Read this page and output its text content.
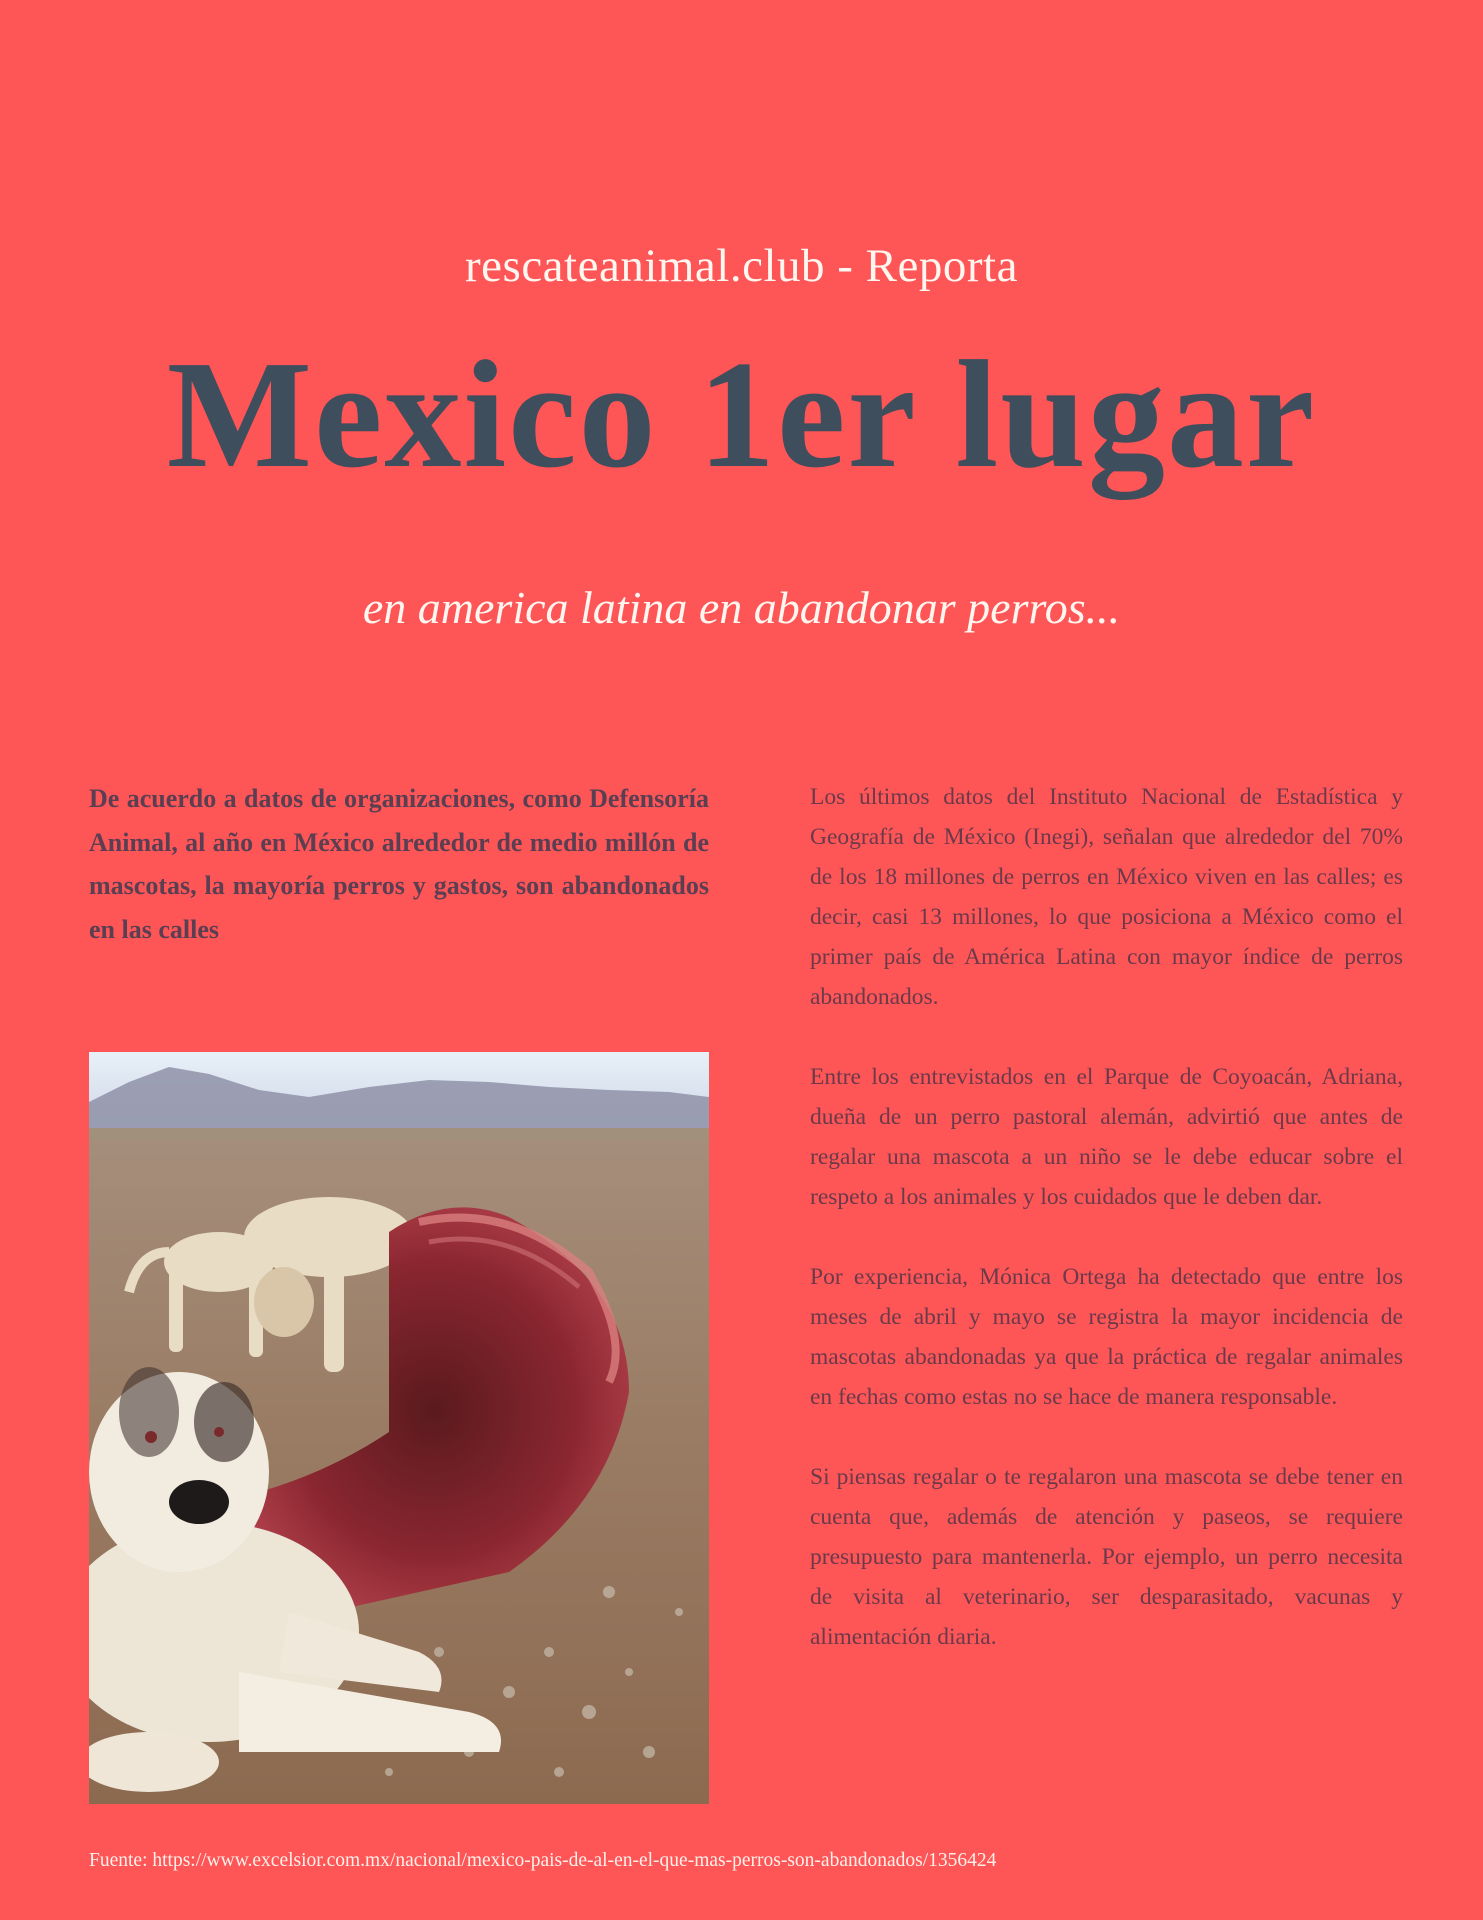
rescateanimal.club - Reporta
Mexico 1er lugar
en america latina en abandonar perros...

De acuerdo a datos de organizaciones, como Defensoría Animal, al año en México alrededor de medio millón de mascotas, la mayoría perros y gastos, son abandonados en las calles

Los últimos datos del Instituto Nacional de Estadística y Geografía de México (Inegi), señalan que alrededor del 70% de los 18 millones de perros en México viven en las calles; es decir, casi 13 millones, lo que posiciona a México como el primer país de América Latina con mayor índice de perros abandonados.

Entre los entrevistados en el Parque de Coyoacán, Adriana, dueña de un perro pastoral alemán, advirtió que antes de regalar una mascota a un niño se le debe educar sobre el respeto a los animales y los cuidados que le deben dar.

Por experiencia, Mónica Ortega ha detectado que entre los meses de abril y mayo se registra la mayor incidencia de mascotas abandonadas ya que la práctica de regalar animales en fechas como estas no se hace de manera responsable.

Si piensas regalar o te regalaron una mascota se debe tener en cuenta que, además de atención y paseos, se requiere presupuesto para mantenerla. Por ejemplo, un perro necesita de visita al veterinario, ser desparasitado, vacunas y alimentación diaria.

Fuente: https://www.excelsior.com.mx/nacional/mexico-pais-de-al-en-el-que-mas-perros-son-abandonados/1356424
